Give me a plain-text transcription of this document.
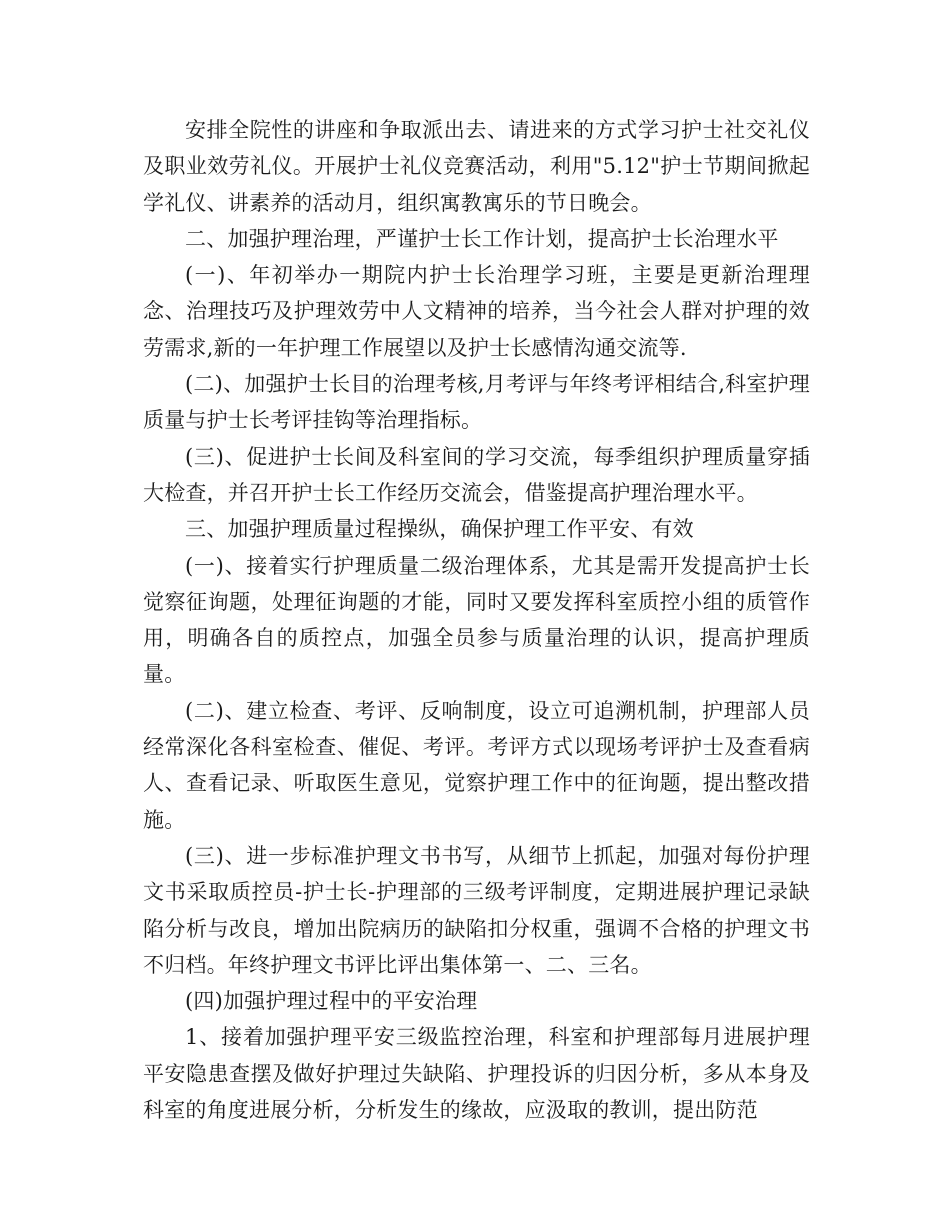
安排全院性的讲座和争取派出去、请进来的方式学习护士社交礼仪及职业效劳礼仪。开展护士礼仪竞赛活动，利用"5.12"护士节期间掀起学礼仪、讲素养的活动月，组织寓教寓乐的节日晚会。

二、加强护理治理，严谨护士长工作计划，提高护士长治理水平

(一)、年初举办一期院内护士长治理学习班，主要是更新治理理念、治理技巧及护理效劳中人文精神的培养，当今社会人群对护理的效劳需求,新的一年护理工作展望以及护士长感情沟通交流等.

(二)、加强护士长目的治理考核,月考评与年终考评相结合,科室护理质量与护士长考评挂钩等治理指标。

(三)、促进护士长间及科室间的学习交流，每季组织护理质量穿插大检查，并召开护士长工作经历交流会，借鉴提高护理治理水平。

三、加强护理质量过程操纵，确保护理工作平安、有效

(一)、接着实行护理质量二级治理体系，尤其是需开发提高护士长觉察征询题，处理征询题的才能，同时又要发挥科室质控小组的质管作用，明确各自的质控点，加强全员参与质量治理的认识，提高护理质量。

(二)、建立检查、考评、反响制度，设立可追溯机制，护理部人员经常深化各科室检查、催促、考评。考评方式以现场考评护士及查看病人、查看记录、听取医生意见，觉察护理工作中的征询题，提出整改措施。

(三)、进一步标准护理文书书写，从细节上抓起，加强对每份护理文书采取质控员-护士长-护理部的三级考评制度，定期进展护理记录缺陷分析与改良，增加出院病历的缺陷扣分权重，强调不合格的护理文书不归档。年终护理文书评比评出集体第一、二、三名。

(四)加强护理过程中的平安治理

1、接着加强护理平安三级监控治理，科室和护理部每月进展护理平安隐患查摆及做好护理过失缺陷、护理投诉的归因分析，多从本身及科室的角度进展分析，分析发生的缘故，应汲取的教训，提出防范
